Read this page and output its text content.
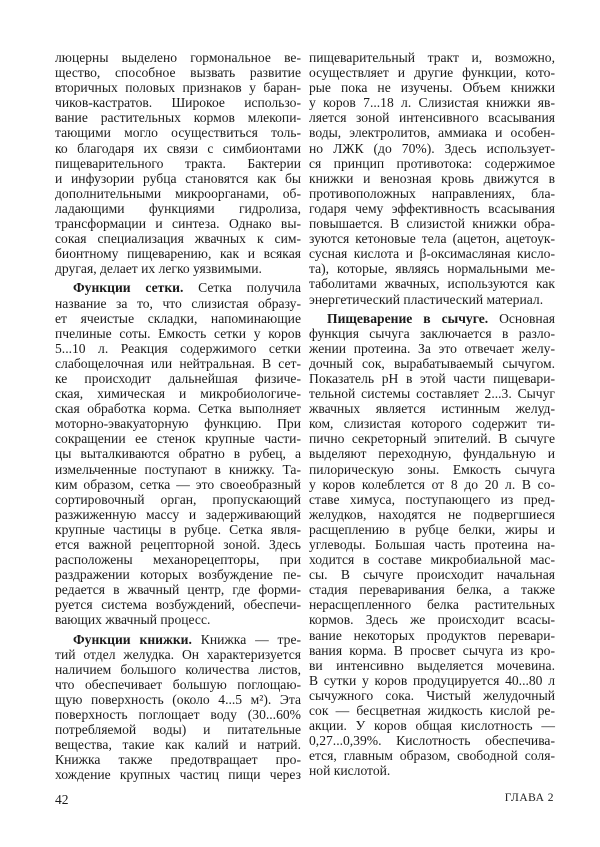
люцерны выделено гормональное ве-
щество, способное вызвать развитие
вторичных половых признаков у баран-
чиков-кастратов. Широкое использо-
вание растительных кормов млекопи-
тающими могло осуществиться толь-
ко благодаря их связи с симбионтами
пищеварительного тракта. Бактерии
и инфузории рубца становятся как бы
дополнительными микроорганами, об-
ладающими функциями гидролиза,
трансформации и синтеза. Однако вы-
сокая специализация жвачных к сим-
бионтному пищеварению, как и всякая
другая, делает их легко уязвимыми.
Функции сетки. Сетка получила
название за то, что слизистая образу-
ет ячеистые складки, напоминающие
пчелиные соты. Емкость сетки у коров
5...10 л. Реакция содержимого сетки
слабощелочная или нейтральная. В сет-
ке происходит дальнейшая физиче-
ская, химическая и микробиологиче-
ская обработка корма. Сетка выполняет
моторно-эвакуаторную функцию. При
сокращении ее стенок крупные части-
цы выталкиваются обратно в рубец, а
измельченные поступают в книжку. Та-
ким образом, сетка — это своеобразный
сортировочный орган, пропускающий
разжиженную массу и задерживающий
крупные частицы в рубце. Сетка явля-
ется важной рецепторной зоной. Здесь
расположены механорецепторы, при
раздражении которых возбуждение пе-
редается в жвачный центр, где форми-
руется система возбуждений, обеспечи-
вающих жвачный процесс.
Функции книжки. Книжка — тре-
тий отдел желудка. Он характеризуется
наличием большого количества листов,
что обеспечивает большую поглощаю-
щую поверхность (около 4...5 м²). Эта
поверхность поглощает воду (30...60%
потребляемой воды) и питательные
вещества, такие как калий и натрий.
Книжка также предотвращает про-
хождение крупных частиц пищи через
пищеварительный тракт и, возможно,
осуществляет и другие функции, кото-
рые пока не изучены. Объем книжки
у коров 7...18 л. Слизистая книжки яв-
ляется зоной интенсивного всасывания
воды, электролитов, аммиака и особен-
но ЛЖК (до 70%). Здесь использует-
ся принцип противотока: содержимое
книжки и венозная кровь движутся в
противоположных направлениях, бла-
годаря чему эффективность всасывания
повышается. В слизистой книжки обра-
зуются кетоновые тела (ацетон, ацетоук-
сусная кислота и β-оксимасляная кисло-
та), которые, являясь нормальными ме-
таболитами жвачных, используются как
энергетический пластический материал.
Пищеварение в сычуге. Основная
функция сычуга заключается в разло-
жении протеина. За это отвечает желу-
дочный сок, вырабатываемый сычугом.
Показатель pH в этой части пищевари-
тельной системы составляет 2...3. Сычуг
жвачных является истинным желуд-
ком, слизистая которого содержит ти-
пично секреторный эпителий. В сычуге
выделяют переходную, фундальную и
пилорическую зоны. Емкость сычуга
у коров колеблется от 8 до 20 л. В со-
ставе химуса, поступающего из пред-
желудков, находятся не подвергшиеся
расщеплению в рубце белки, жиры и
углеводы. Большая часть протеина на-
ходится в составе микробиальной мас-
сы. В сычуге происходит начальная
стадия переваривания белка, а также
нерасщепленного белка растительных
кормов. Здесь же происходит всасы-
вание некоторых продуктов перевари-
вания корма. В просвет сычуга из кро-
ви интенсивно выделяется мочевина.
В сутки у коров продуцируется 40...80 л
сычужного сока. Чистый желудочный
сок — бесцветная жидкость кислой ре-
акции. У коров общая кислотность —
0,27...0,39%. Кислотность обеспечива-
ется, главным образом, свободной соля-
ной кислотой.
42	ГЛАВА 2
